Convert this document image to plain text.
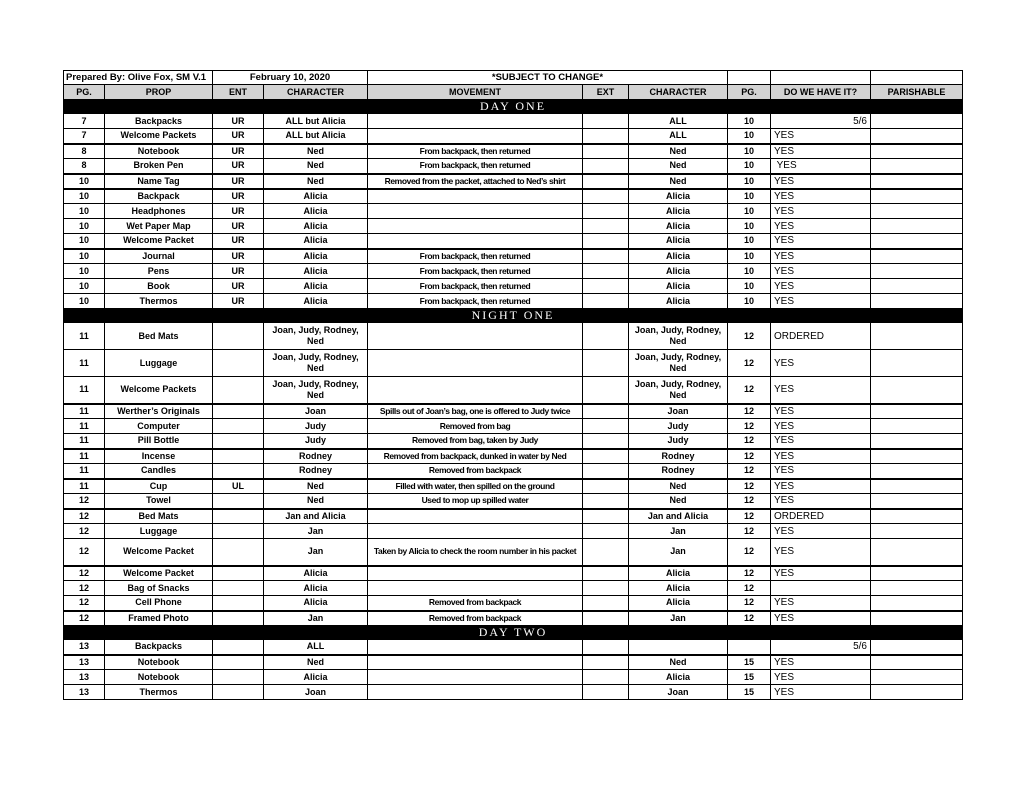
Prepared By: Olive Fox, SM V.1		February 10, 2020		*SUBJECT TO CHANGE*					
PG.	PROP	ENT	CHARACTER	MOVEMENT	EXT	CHARACTER	PG.	DO WE HAVE IT?	PARISHABLE
DAY ONE									
7	Backpacks	UR	ALL but Alicia			ALL	10	5/6	
7	Welcome Packets	UR	ALL but Alicia			ALL	10	YES	
8	Notebook	UR	Ned	From backpack, then returned		Ned	10	YES	
8	Broken Pen	UR	Ned	From backpack, then returned		Ned	10	YES	
10	Name Tag	UR	Ned	Removed from the packet, attached to Ned’s shirt		Ned	10	YES	
10	Backpack	UR	Alicia			Alicia	10	YES	
10	Headphones	UR	Alicia			Alicia	10	YES	
10	Wet Paper Map	UR	Alicia			Alicia	10	YES	
10	Welcome Packet	UR	Alicia			Alicia	10	YES	
10	Journal	UR	Alicia	From backpack, then returned		Alicia	10	YES	
10	Pens	UR	Alicia	From backpack, then returned		Alicia	10	YES	
10	Book	UR	Alicia	From backpack, then returned		Alicia	10	YES	
10	Thermos	UR	Alicia	From backpack, then returned		Alicia	10	YES	
NIGHT ONE									
11	Bed Mats		Joan, Judy, Rodney, Ned			Joan, Judy, Rodney, Ned	12	ORDERED	
11	Luggage		Joan, Judy, Rodney, Ned			Joan, Judy, Rodney, Ned	12	YES	
11	Welcome Packets		Joan, Judy, Rodney, Ned			Joan, Judy, Rodney, Ned	12	YES	
11	Werther’s Originals		Joan	Spills out of Joan’s bag, one is offered to Judy twice		Joan	12	YES	
11	Computer		Judy	Removed from bag		Judy	12	YES	
11	Pill Bottle		Judy	Removed from bag, taken by Judy		Judy	12	YES	
11	Incense		Rodney	Removed from backpack, dunked in water by Ned		Rodney	12	YES	
11	Candles		Rodney	Removed from backpack		Rodney	12	YES	
11	Cup	UL	Ned	Filled with water, then spilled on the ground		Ned	12	YES	
12	Towel		Ned	Used to mop up spilled water		Ned	12	YES	
12	Bed Mats		Jan and Alicia			Jan and Alicia	12	ORDERED	
12	Luggage		Jan			Jan	12	YES	
12	Welcome Packet		Jan	Taken by Alicia to check the room number in his packet		Jan	12	YES	
12	Welcome Packet		Alicia			Alicia	12	YES	
12	Bag of Snacks		Alicia			Alicia	12		
12	Cell Phone		Alicia	Removed from backpack		Alicia	12	YES	
12	Framed Photo		Jan	Removed from backpack		Jan	12	YES	
DAY TWO									
13	Backpacks		ALL					5/6	
13	Notebook		Ned			Ned	15	YES	
13	Notebook		Alicia			Alicia	15	YES	
13	Thermos		Joan			Joan	15	YES	
